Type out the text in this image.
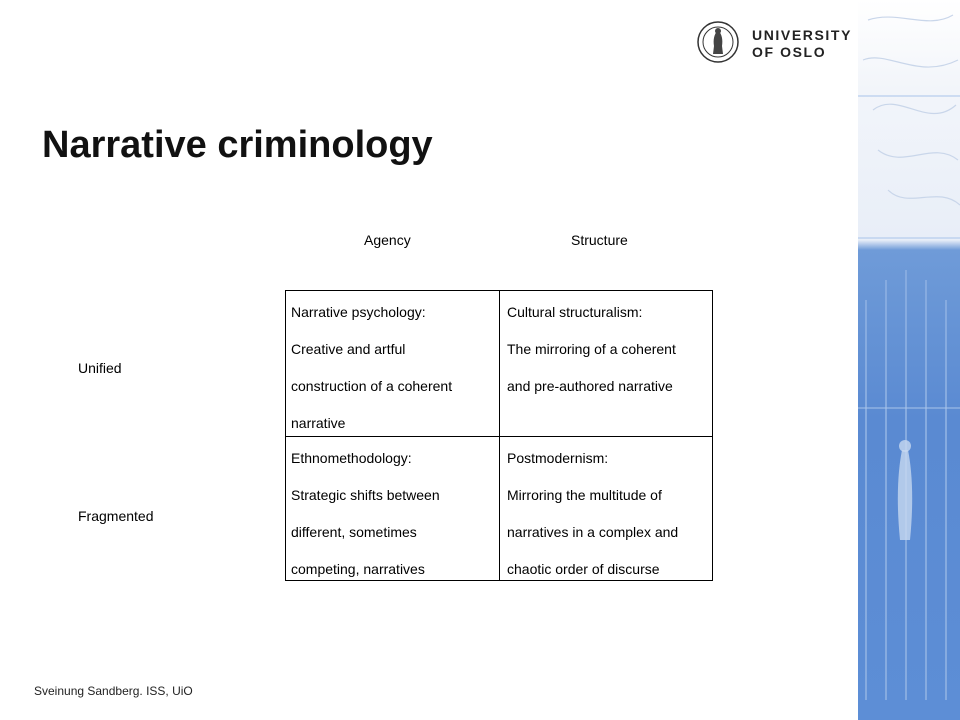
UNIVERSITY
OF OSLO
Narrative criminology
Agency	Structure
Unified
Fragmented
Narrative psychology:
Creative and artful
construction of a coherent
narrative
Cultural structuralism:
The mirroring of a coherent
and pre-authored narrative
Ethnomethodology:
Strategic shifts between
different, sometimes
competing, narratives
Postmodernism:
Mirroring the multitude of
narratives in a complex and
chaotic order of discurse
Sveinung Sandberg. ISS, UiO
